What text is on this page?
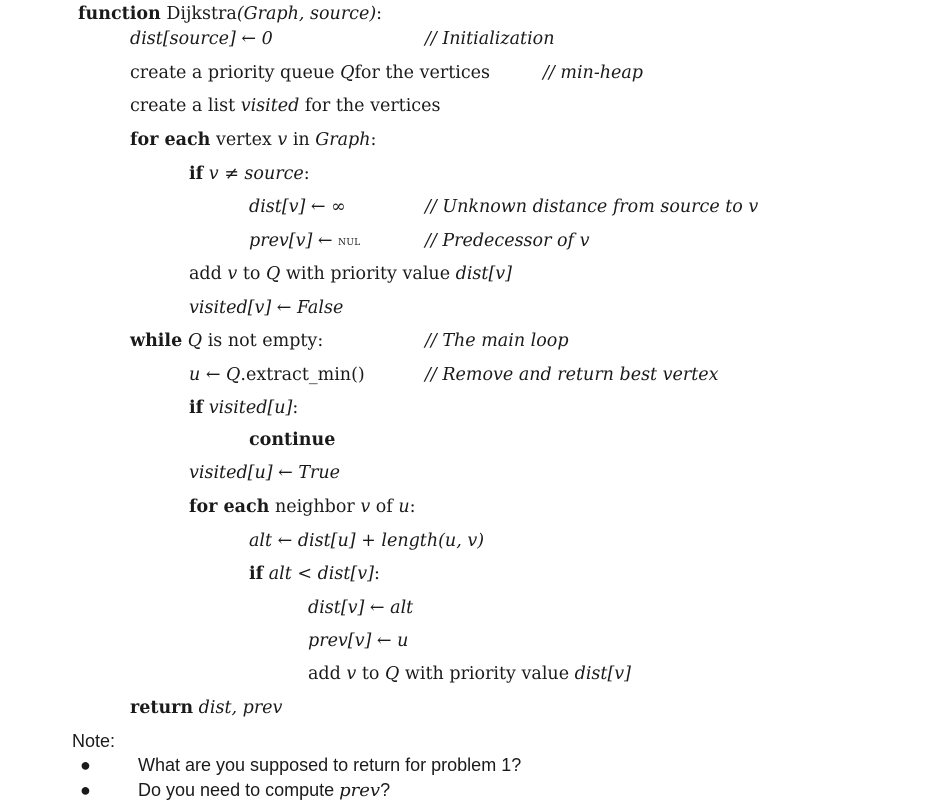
function Dijkstra(Graph, source):
dist[source] ← 0	// Initialization
create a priority queue Qfor the vertices	// min-heap
create a list visited for the vertices
for each vertex v in Graph:
if v ≠ source:
dist[v] ← ∞	// Unknown distance from source to v
prev[v] ← NUL	// Predecessor of v
add v to Q with priority value dist[v]
visited[v] ← False
while Q is not empty:	// The main loop
u ← Q.extract_min()	// Remove and return best vertex
if visited[u]:
continue
visited[u] ← True
for each neighbor v of u:
alt ← dist[u] + length(u, v)
if alt < dist[v]:
dist[v] ← alt
prev[v] ← u
add v to Q with priority value dist[v]
return dist, prev
Note:
●	What are you supposed to return for problem 1?
●	Do you need to compute prev?
